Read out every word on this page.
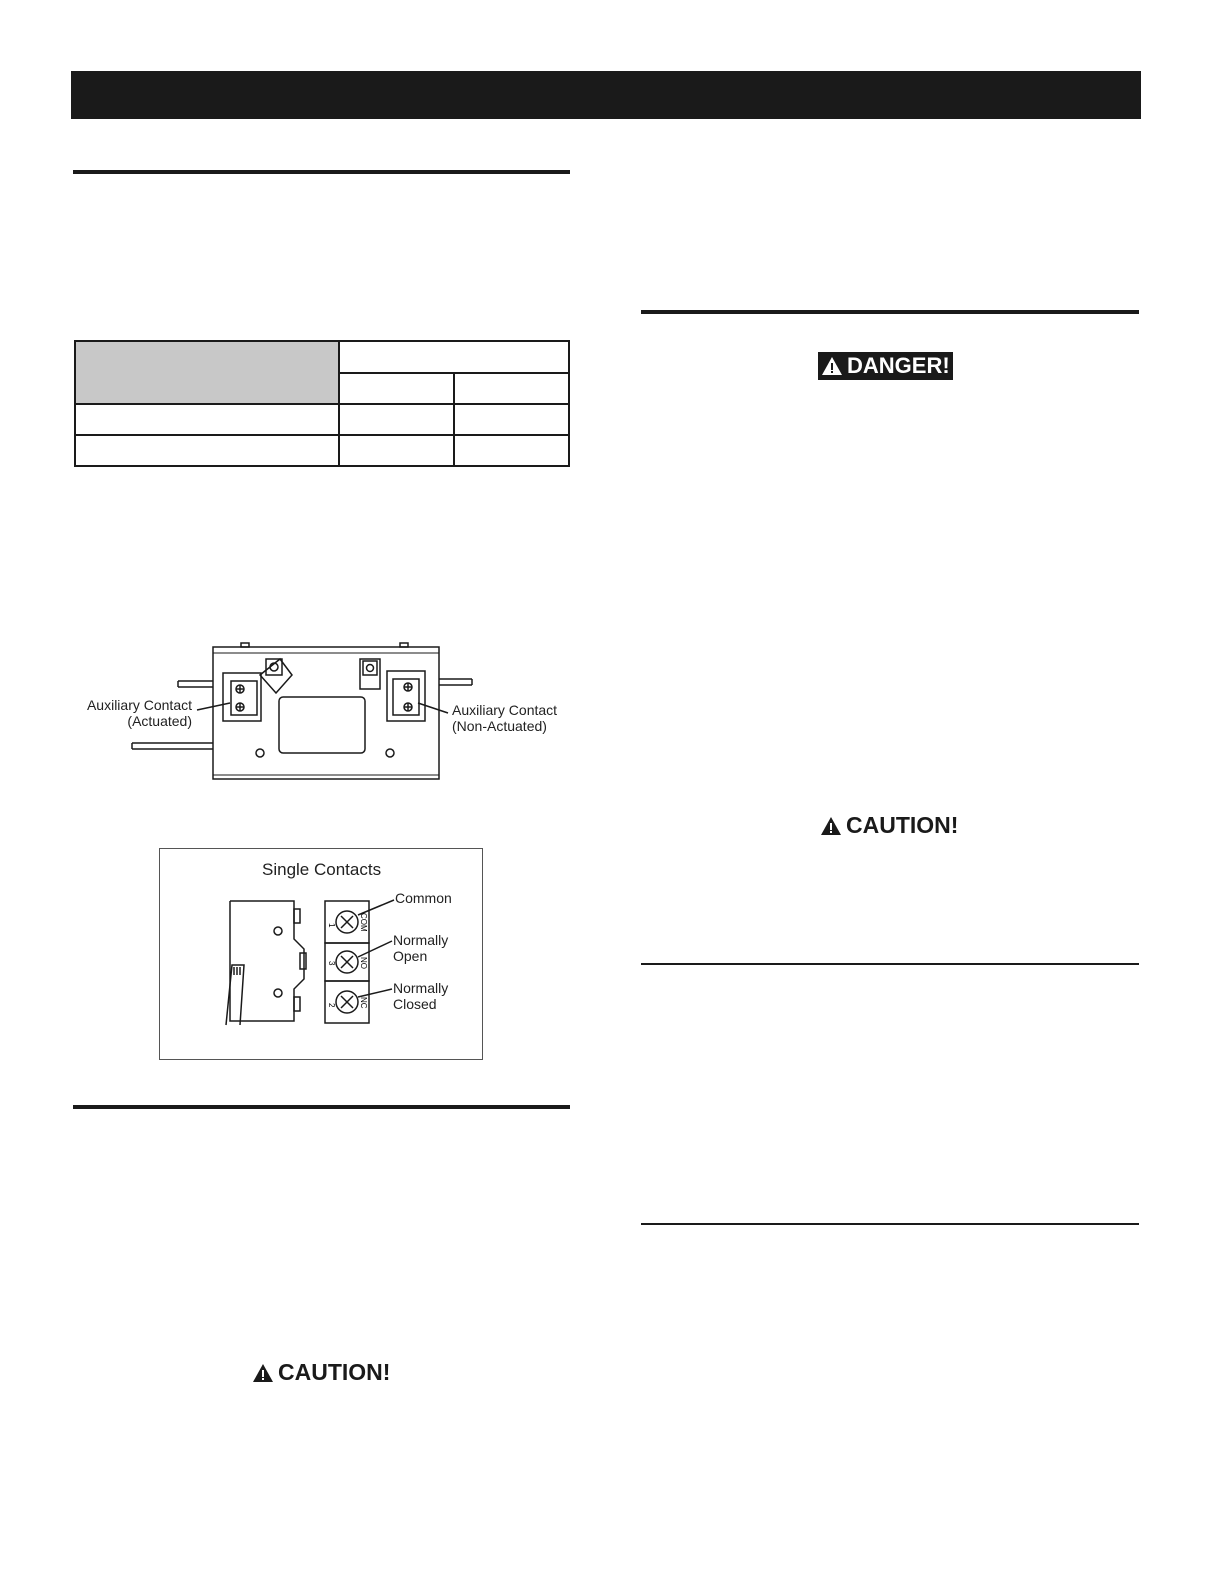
Auxiliary Contact
(Actuated)
Auxiliary Contact
(Non-Actuated)
Single Contacts
1	COM
3	NO
2	NC
Common
Normally
Open
Normally
Closed
CAUTION!
DANGER!
CAUTION!
